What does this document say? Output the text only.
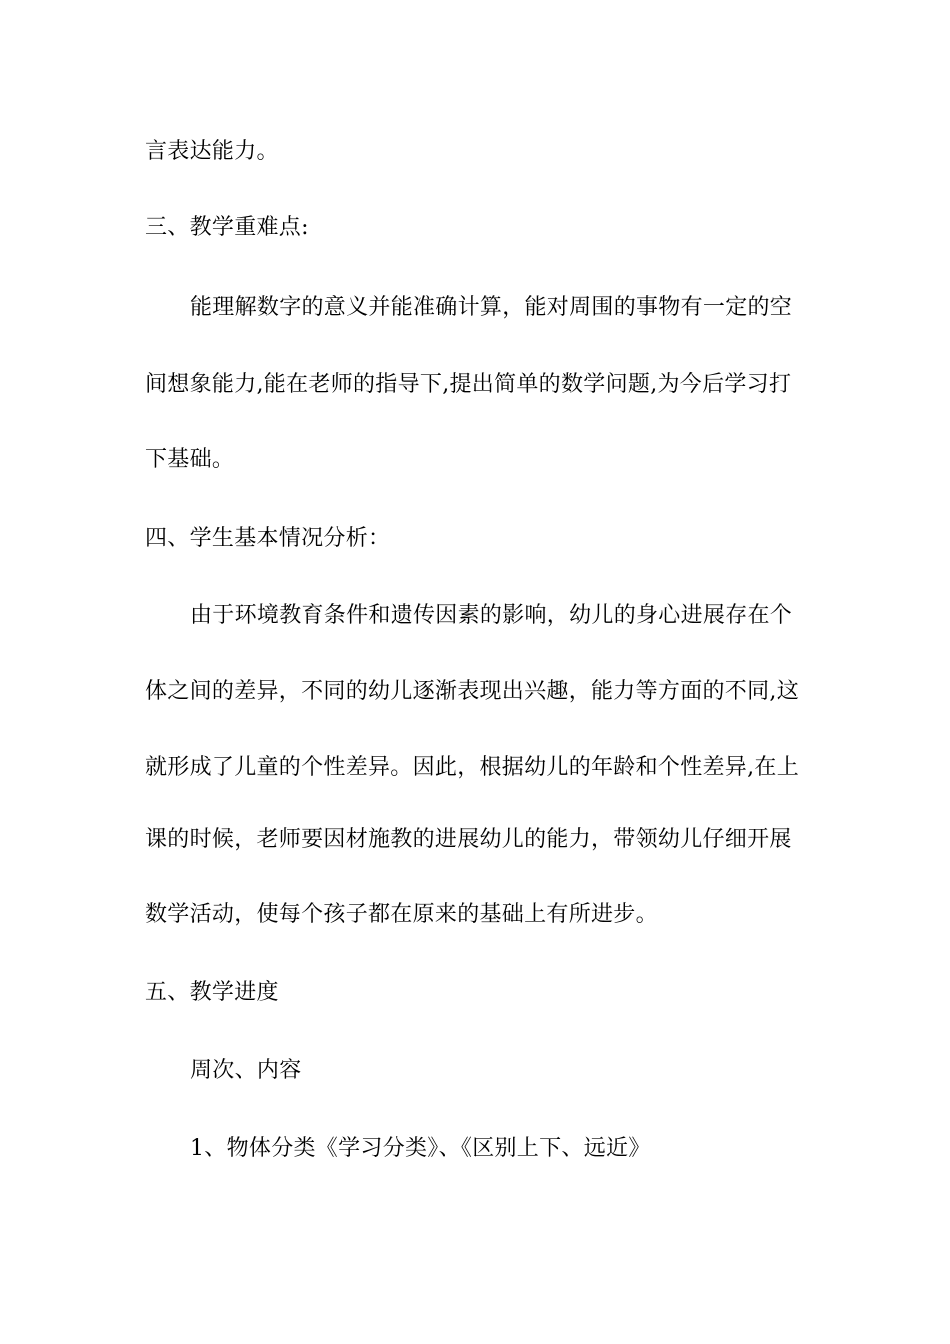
言表达能力。
三、教学重难点:
能理解数字的意义并能准确计算，能对周围的事物有一定的空
间想象能力,能在老师的指导下,提出简单的数学问题,为今后学习打
下基础。
四、学生基本情况分析：
由于环境教育条件和遗传因素的影响，幼儿的身心进展存在个
体之间的差异，不同的幼儿逐渐表现出兴趣，能力等方面的不同,这
就形成了儿童的个性差异。因此，根据幼儿的年龄和个性差异,在上
课的时候，老师要因材施教的进展幼儿的能力，带领幼儿仔细开展
数学活动，使每个孩子都在原来的基础上有所进步。
五、教学进度
周次、内容
1、物体分类《学习分类》、《区别上下、远近》
